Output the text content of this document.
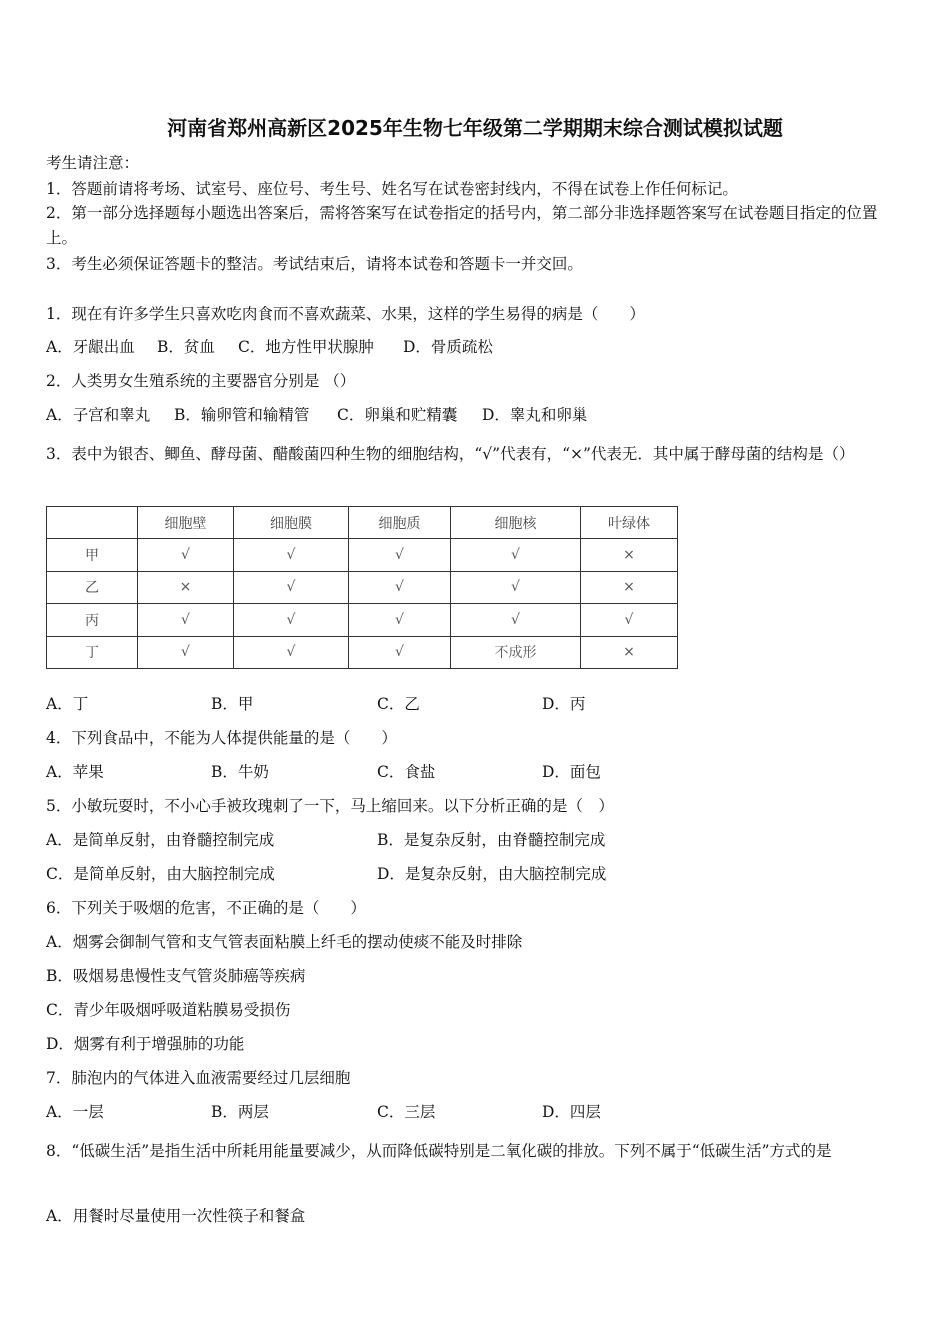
河南省郑州高新区2025年生物七年级第二学期期末综合测试模拟试题
考生请注意：
1．答题前请将考场、试室号、座位号、考生号、姓名写在试卷密封线内，不得在试卷上作任何标记。
2．第一部分选择题每小题选出答案后，需将答案写在试卷指定的括号内，第二部分非选择题答案写在试卷题目指定的位置上。
3．考生必须保证答题卡的整洁。考试结束后，请将本试卷和答题卡一并交回。
1．现在有许多学生只喜欢吃肉食而不喜欢蔬菜、水果，这样的学生易得的病是（　　）
A．牙龈出血 B．贫血 C．地方性甲状腺肿 D．骨质疏松
2．人类男女生殖系统的主要器官分别是 （）
A．子宫和睾丸 B．输卵管和输精管 C．卵巢和贮精囊 D．睾丸和卵巢
3．表中为银杏、鲫鱼、酵母菌、醋酸菌四种生物的细胞结构，“√”代表有，“×”代表无．其中属于酵母菌的结构是（）
	细胞壁	细胞膜	细胞质	细胞核	叶绿体
甲	√	√	√	√	×
乙	×	√	√	√	×
丙	√	√	√	√	√
丁	√	√	√	不成形	×
A．丁	B．甲	C．乙	D．丙
4．下列食品中，不能为人体提供能量的是（　　）
A．苹果	B．牛奶	C．食盐	D．面包
5．小敏玩耍时，不小心手被玫瑰刺了一下，马上缩回来。以下分析正确的是（　）
A．是简单反射，由脊髓控制完成	B．是复杂反射，由脊髓控制完成
C．是简单反射，由大脑控制完成	D．是复杂反射，由大脑控制完成
6．下列关于吸烟的危害，不正确的是（　　）
A．烟雾会御制气管和支气管表面粘膜上纤毛的摆动使痰不能及时排除
B．吸烟易患慢性支气管炎肺癌等疾病
C．青少年吸烟呼吸道粘膜易受损伤
D．烟雾有利于增强肺的功能
7．肺泡内的气体进入血液需要经过几层细胞
A．一层	B．两层	C．三层	D．四层
8．“低碳生活”是指生活中所耗用能量要减少，从而降低碳特别是二氧化碳的排放。下列不属于“低碳生活”方式的是
A．用餐时尽量使用一次性筷子和餐盒
